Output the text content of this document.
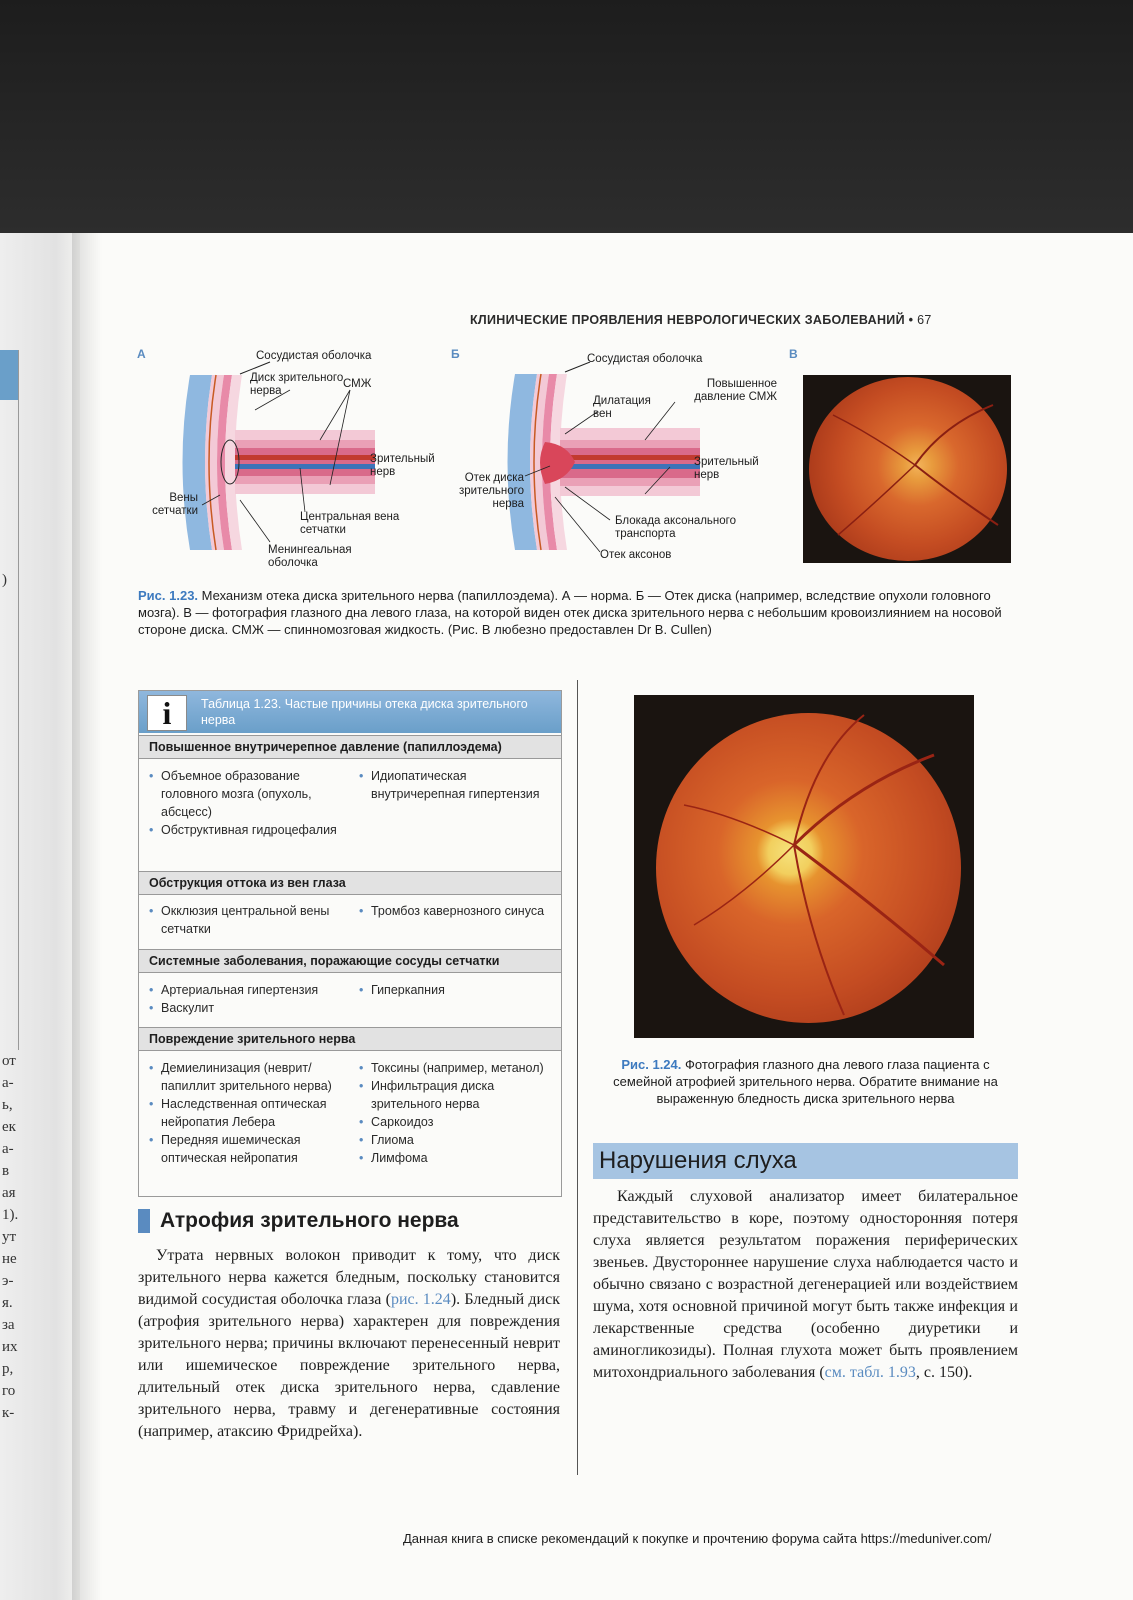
)
от
а-
ь,
ек
а-
в
ая
1).
ут
не
э-
я.
за
их
р,
го
к-
КЛИНИЧЕСКИЕ ПРОЯВЛЕНИЯ НЕВРОЛОГИЧЕСКИХ ЗАБОЛЕВАНИЙ • 67
А	Сосудистая оболочка
Диск зрительного нерва
СМЖ
Зрительный нерв
Вены сетчатки	Центральная вена сетчатки
Менингеальная оболочка
Б	Сосудистая оболочка
Повышенное давление СМЖ
Дилатация вен
Зрительный нерв
Отек диска зрительного нерва
Блокада аксонального транспорта
Отек аксонов
В
Рис. 1.23. Механизм отека диска зрительного нерва (папиллоэдема). А — норма. Б — Отек диска (например, вследствие опухоли головного мозга). В — фотография глазного дна левого глаза, на которой виден отек диска зрительного нерва с небольшим кровоизлиянием на носовой стороне диска. СМЖ — спинномозговая жидкость. (Рис. В любезно предоставлен Dr B. Cullen)
i	Таблица 1.23. Частые причины отека диска зрительного нерва
Повышенное внутричерепное давление (папиллоэдема)
• Объемное образование головного мозга (опухоль, абсцесс)
• Обструктивная гидроцефалия
• Идиопатическая внутричерепная гипертензия
Обструкция оттока из вен глаза
• Окклюзия центральной вены сетчатки
• Тромбоз кавернозного синуса
Системные заболевания, поражающие сосуды сетчатки
• Артериальная гипертензия
• Васкулит
• Гиперкапния
Повреждение зрительного нерва
• Демиелинизация (неврит/папиллит зрительного нерва)
• Наследственная оптическая нейропатия Лебера
• Передняя ишемическая оптическая нейропатия
• Токсины (например, метанол)
• Инфильтрация диска зрительного нерва
• Саркоидоз
• Глиома
• Лимфома
Рис. 1.24. Фотография глазного дна левого глаза пациента с семейной атрофией зрительного нерва. Обратите внимание на выраженную бледность диска зрительного нерва
Атрофия зрительного нерва
Утрата нервных волокон приводит к тому, что диск зрительного нерва кажется бледным, поскольку становится видимой сосудистая оболочка глаза (рис. 1.24). Бледный диск (атрофия зрительного нерва) характерен для повреждения зрительного нерва; причины включают перенесенный неврит или ишемическое повреждение зрительного нерва, длительный отек диска зрительного нерва, сдавление зрительного нерва, травму и дегенеративные состояния (например, атаксию Фридрейха).
Нарушения слуха
Каждый слуховой анализатор имеет билатеральное представительство в коре, поэтому односторонняя потеря слуха является результатом поражения периферических звеньев. Двустороннее нарушение слуха наблюдается часто и обычно связано с возрастной дегенерацией или воздействием шума, хотя основной причиной могут быть также инфекция и лекарственные средства (особенно диуретики и аминогликозиды). Полная глухота может быть проявлением митохондриального заболевания (см. табл. 1.93, с. 150).
Данная книга в списке рекомендаций к покупке и прочтению форума сайта https://meduniver.com/
